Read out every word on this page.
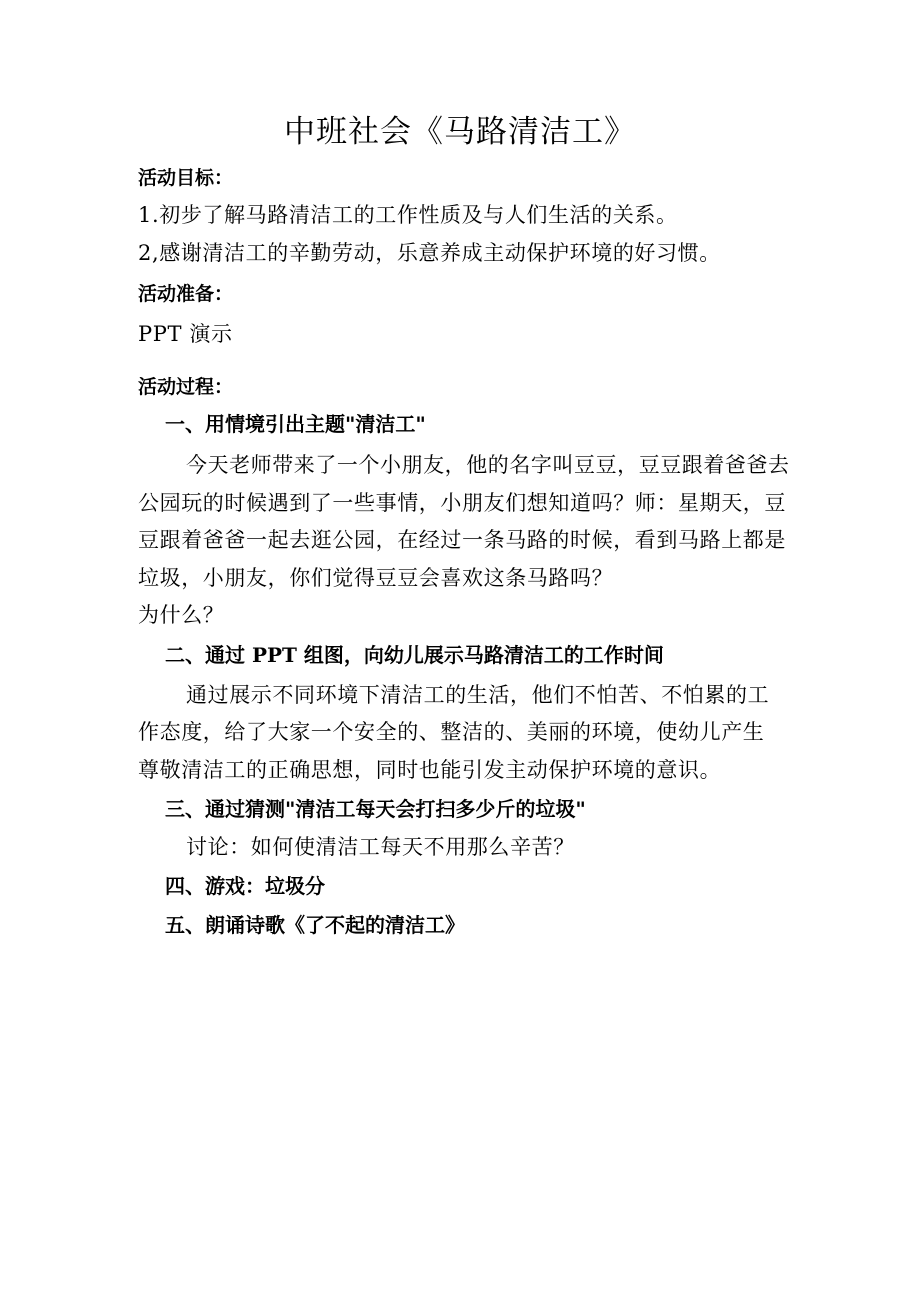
中班社会《马路清洁工》
活动目标：
1.初步了解马路清洁工的工作性质及与人们生活的关系。
2,感谢清洁工的辛勤劳动，乐意养成主动保护环境的好习惯。
活动准备：
PPT 演示
活动过程：
一、用情境引出主题"清洁工"
今天老师带来了一个小朋友，他的名字叫豆豆，豆豆跟着爸爸去
公园玩的时候遇到了一些事情，小朋友们想知道吗？师：星期天，豆
豆跟着爸爸一起去逛公园，在经过一条马路的时候，看到马路上都是
垃圾，小朋友，你们觉得豆豆会喜欢这条马路吗？
为什么？
二、通过 PPT 组图，向幼儿展示马路清洁工的工作时间
通过展示不同环境下清洁工的生活，他们不怕苦、不怕累的工
作态度，给了大家一个安全的、整洁的、美丽的环境，使幼儿产生
尊敬清洁工的正确思想，同时也能引发主动保护环境的意识。
三、通过猜测"清洁工每天会打扫多少斤的垃圾"
讨论：如何使清洁工每天不用那么辛苦？
四、游戏：垃圾分
五、朗诵诗歌《了不起的清洁工》
